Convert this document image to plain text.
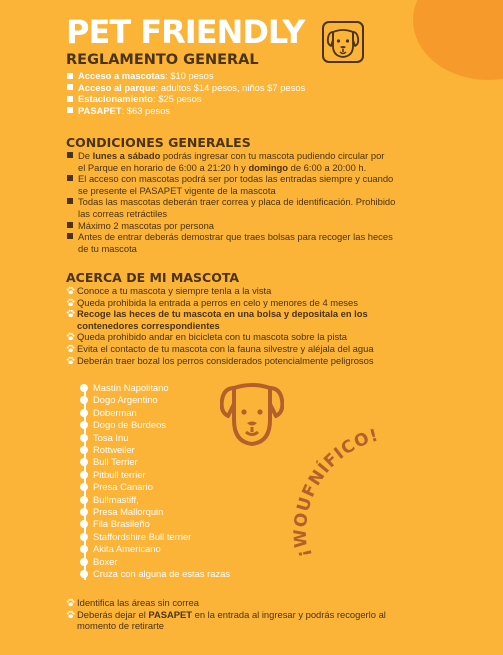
PET FRIENDLY
REGLAMENTO GENERAL
Acceso a mascotas: $10 pesos
Acceso al parque: adultos $14 pesos, niños $7 pesos
Estacionamiento: $25 pesos
PASAPET: $63 pesos
CONDICIONES GENERALES
De lunes a sábado podrás ingresar con tu mascota pudiendo circular por
el Parque en horario de 6:00 a 21:20 h y domingo de 6:00 a 20:00 h.
El acceso con mascotas podrá ser por todas las entradas siempre y cuando
se presente el PASAPET vigente de la mascota
Todas las mascotas deberán traer correa y placa de identificación. Prohibido
las correas retráctiles
Máximo 2 mascotas por persona
Antes de entrar deberás demostrar que traes bolsas para recoger las heces
de tu mascota
ACERCA DE MI MASCOTA
Conoce a tu mascota y siempre tenla a la vista
Queda prohibida la entrada a perros en celo y menores de 4 meses
Recoge las heces de tu mascota en una bolsa y depositala en los
contenedores correspondientes
Queda prohibido andar en bicicleta con tu mascota sobre la pista
Evita el contacto de tu mascota con la fauna silvestre y aléjala del agua
Deberán traer bozal los perros considerados potencialmente peligrosos
Mastín Napolitano
Dogo Argentino
Doberman
Dogo de Burdeos
Tosa Inu
Rottweiler
Bull Terrier
Pitbull terrier
Presa Canario
Bullmastiff,
Presa Mallorquin
Fila Brasileño
Staffordshire Bull terrier
Akita Americano
Boxer
Cruza con alguna de estas razas
¡WOUFNÍFICO!
Identifica las áreas sin correa
Deberás dejar el PASAPET en la entrada al ingresar y podrás recogerlo al
momento de retirarte
